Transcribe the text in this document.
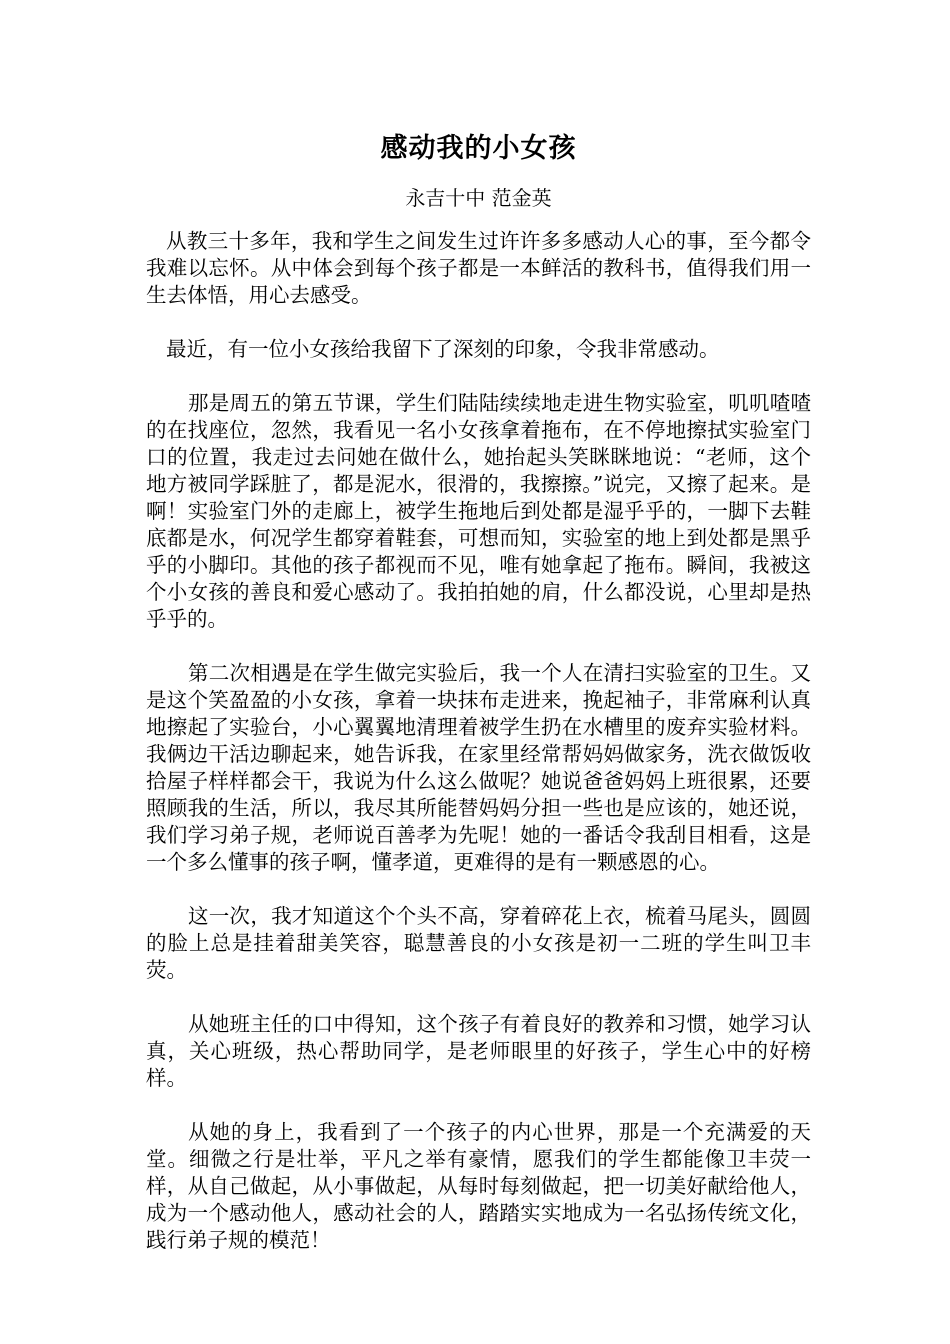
感动我的小女孩
永吉十中 范金英

从教三十多年，我和学生之间发生过许许多多感动人心的事，至今都令我难以忘怀。从中体会到每个孩子都是一本鲜活的教科书，值得我们用一生去体悟，用心去感受。

最近，有一位小女孩给我留下了深刻的印象，令我非常感动。

那是周五的第五节课，学生们陆陆续续地走进生物实验室，叽叽喳喳的在找座位，忽然，我看见一名小女孩拿着拖布，在不停地擦拭实验室门口的位置，我走过去问她在做什么，她抬起头笑眯眯地说：“老师，这个地方被同学踩脏了，都是泥水，很滑的，我擦擦。”说完，又擦了起来。是啊！实验室门外的走廊上，被学生拖地后到处都是湿乎乎的，一脚下去鞋底都是水，何况学生都穿着鞋套，可想而知，实验室的地上到处都是黑乎乎的小脚印。其他的孩子都视而不见，唯有她拿起了拖布。瞬间，我被这个小女孩的善良和爱心感动了。我拍拍她的肩，什么都没说，心里却是热乎乎的。

第二次相遇是在学生做完实验后，我一个人在清扫实验室的卫生。又是这个笑盈盈的小女孩，拿着一块抹布走进来，挽起袖子，非常麻利认真地擦起了实验台，小心翼翼地清理着被学生扔在水槽里的废弃实验材料。我俩边干活边聊起来，她告诉我，在家里经常帮妈妈做家务，洗衣做饭收拾屋子样样都会干，我说为什么这么做呢？她说爸爸妈妈上班很累，还要照顾我的生活，所以，我尽其所能替妈妈分担一些也是应该的，她还说，我们学习弟子规，老师说百善孝为先呢！她的一番话令我刮目相看，这是一个多么懂事的孩子啊，懂孝道，更难得的是有一颗感恩的心。

这一次，我才知道这个个头不高，穿着碎花上衣，梳着马尾头，圆圆的脸上总是挂着甜美笑容，聪慧善良的小女孩是初一二班的学生叫卫丰荧。

从她班主任的口中得知，这个孩子有着良好的教养和习惯，她学习认真，关心班级，热心帮助同学，是老师眼里的好孩子，学生心中的好榜样。

从她的身上，我看到了一个孩子的内心世界，那是一个充满爱的天堂。细微之行是壮举，平凡之举有豪情，愿我们的学生都能像卫丰荧一样，从自己做起，从小事做起，从每时每刻做起，把一切美好献给他人，成为一个感动他人，感动社会的人，踏踏实实地成为一名弘扬传统文化，践行弟子规的模范！
